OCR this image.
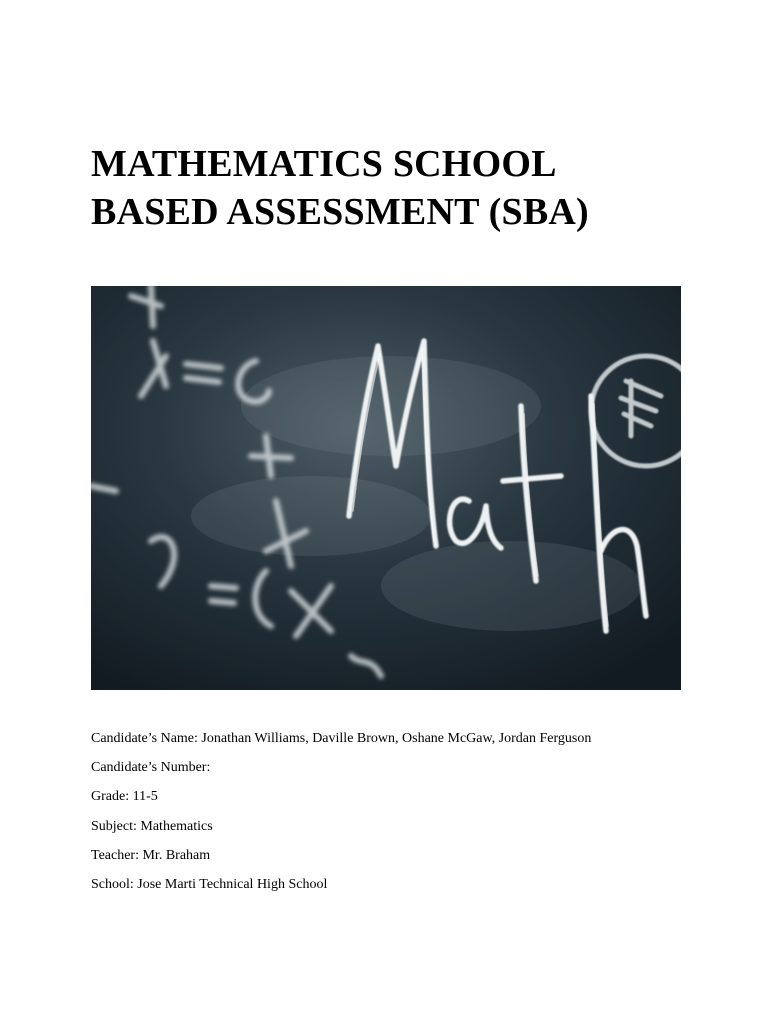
MATHEMATICS SCHOOL
BASED ASSESSMENT (SBA)
Candidate’s Name: Jonathan Williams, Daville Brown, Oshane McGaw, Jordan Ferguson
Candidate’s Number:
Grade: 11-5
Subject: Mathematics
Teacher: Mr. Braham
School: Jose Marti Technical High School
